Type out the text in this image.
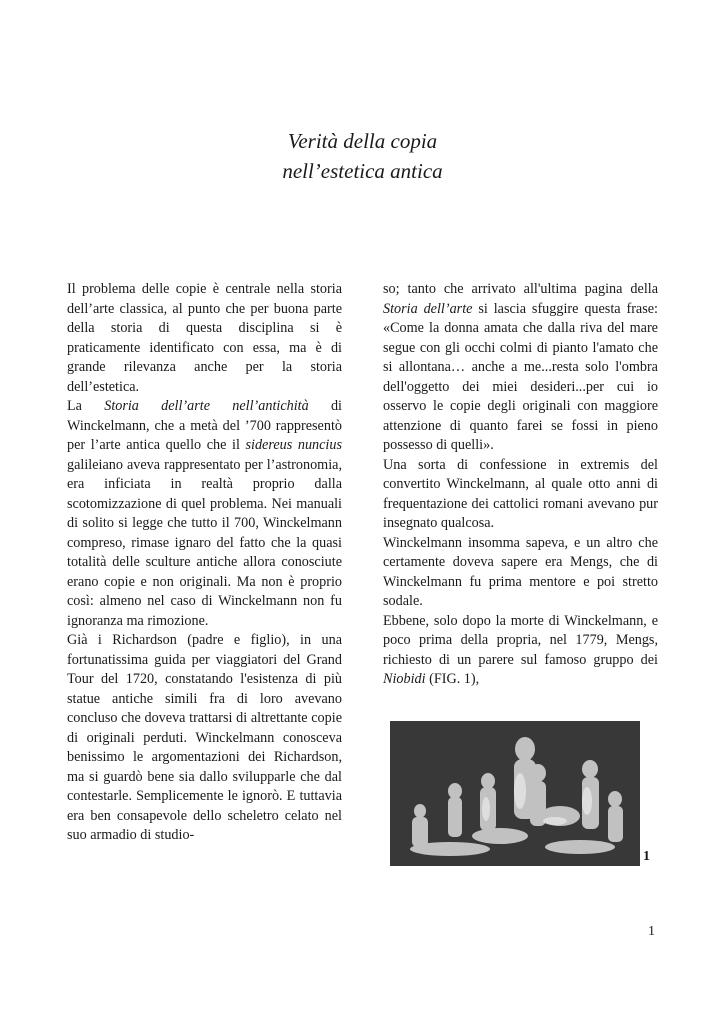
Verità della copia
nell’estetica antica

Il problema delle copie è centrale nella storia dell’arte classica, al punto che per buona parte della storia di questa disciplina si è praticamente identificato con essa, ma è di grande rilevanza anche per la storia dell’estetica.

La Storia dell’arte nell’antichità di Winckelmann, che a metà del ’700 rappresentò per l’arte antica quello che il sidereus nuncius galileiano aveva rappresentato per l’astronomia, era inficiata in realtà proprio dalla scotomizzazione di quel problema. Nei manuali di solito si legge che tutto il 700, Winckelmann compreso, rimase ignaro del fatto che la quasi totalità delle sculture antiche allora conosciute erano copie e non originali. Ma non è proprio così: almeno nel caso di Winckelmann non fu ignoranza ma rimozione.

Già i Richardson (padre e figlio), in una fortunatissima guida per viaggiatori del Grand Tour del 1720, constatando l'esistenza di più statue antiche simili fra di loro avevano concluso che doveva trattarsi di altrettante copie di originali perduti. Winckelmann conosceva benissimo le argomentazioni dei Richardson, ma si guardò bene sia dallo svilupparle che dal contestarle. Semplicemente le ignorò. E tuttavia era ben consapevole dello scheletro celato nel suo armadio di studio-

so; tanto che arrivato all'ultima pagina della Storia dell’arte si lascia sfuggire questa frase: «Come la donna amata che dalla riva del mare segue con gli occhi colmi di pianto l'amato che si allontana… anche a me...resta solo l'ombra dell'oggetto dei miei desideri...per cui io osservo le copie degli originali con maggiore attenzione di quanto farei se fossi in pieno possesso di quelli».

Una sorta di confessione in extremis del convertito Winckelmann, al quale otto anni di frequentazione dei cattolici romani avevano pur insegnato qualcosa.

Winckelmann insomma sapeva, e un altro che certamente doveva sapere era Mengs, che di Winckelmann fu prima mentore e poi stretto sodale.

Ebbene, solo dopo la morte di Winckelmann, e poco prima della propria, nel 1779, Mengs, richiesto di un parere sul famoso gruppo dei Niobidi (FIG. 1),

1
1
